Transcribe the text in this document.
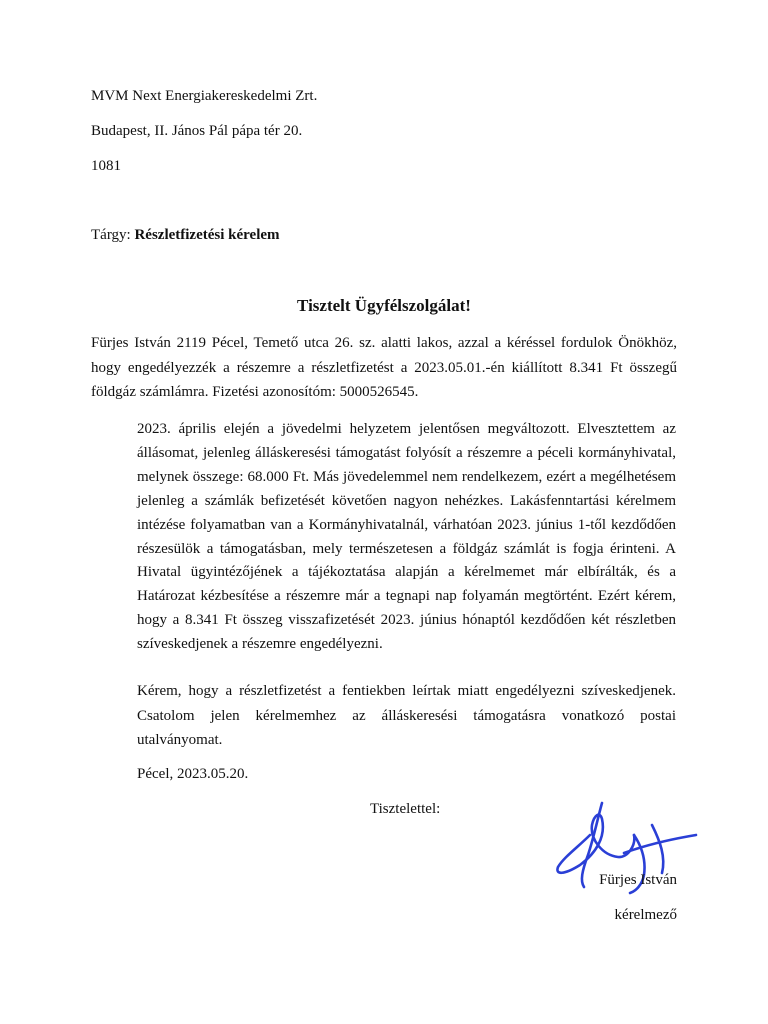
MVM Next Energiakereskedelmi Zrt.

Budapest, II. János Pál pápa tér 20.

1081

Tárgy: Részletfizetési kérelem

Tisztelt Ügyfélszolgálat!

Fürjes István 2119 Pécel, Temető utca 26. sz. alatti lakos, azzal a kéréssel fordulok Önökhöz, hogy engedélyezzék a részemre a részletfizetést a 2023.05.01.-én kiállított 8.341 Ft összegű földgáz számlámra. Fizetési azonosítóm: 5000526545.

2023. április elején a jövedelmi helyzetem jelentősen megváltozott. Elvesztettem az állásomat, jelenleg álláskeresési támogatást folyósít a részemre a péceli kormányhivatal, melynek összege: 68.000 Ft. Más jövedelemmel nem rendelkezem, ezért a megélhetésem jelenleg a számlák befizetését követően nagyon nehézkes. Lakásfenntartási kérelmem intézése folyamatban van a Kormányhivatalnál, várhatóan 2023. június 1-től kezdődően részesülök a támogatásban, mely természetesen a földgáz számlát is fogja érinteni. A Hivatal ügyintézőjének a tájékoztatása alapján a kérelmemet már elbírálták, és a Határozat kézbesítése a részemre már a tegnapi nap folyamán megtörtént. Ezért kérem, hogy a 8.341 Ft összeg visszafizetését 2023. június hónaptól kezdődően két részletben szíveskedjenek a részemre engedélyezni.

Kérem, hogy a részletfizetést a fentiekben leírtak miatt engedélyezni szíveskedjenek. Csatolom jelen kérelmemhez az álláskeresési támogatásra vonatkozó postai utalványomat.

Pécel, 2023.05.20.

Tisztelettel:

Fürjes István

kérelmező
